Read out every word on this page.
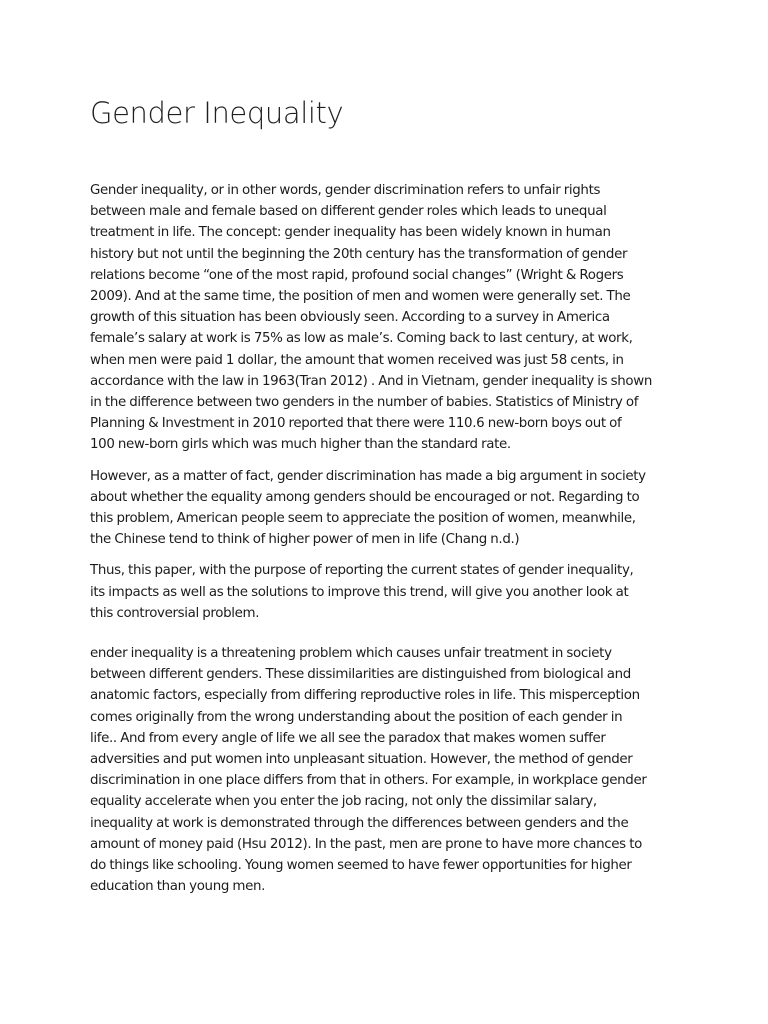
Gender Inequality

Gender inequality, or in other words, gender discrimination refers to unfair rights
between male and female based on different gender roles which leads to unequal
treatment in life. The concept: gender inequality has been widely known in human
history but not until the beginning the 20th century has the transformation of gender
relations become “one of the most rapid, profound social changes” (Wright & Rogers
2009). And at the same time, the position of men and women were generally set. The
growth of this situation has been obviously seen. According to a survey in America
female’s salary at work is 75% as low as male’s. Coming back to last century, at work,
when men were paid 1 dollar, the amount that women received was just 58 cents, in
accordance with the law in 1963(Tran 2012) . And in Vietnam, gender inequality is shown
in the difference between two genders in the number of babies. Statistics of Ministry of
Planning & Investment in 2010 reported that there were 110.6 new-born boys out of
100 new-born girls which was much higher than the standard rate.

However, as a matter of fact, gender discrimination has made a big argument in society
about whether the equality among genders should be encouraged or not. Regarding to
this problem, American people seem to appreciate the position of women, meanwhile,
the Chinese tend to think of higher power of men in life (Chang n.d.)

Thus, this paper, with the purpose of reporting the current states of gender inequality,
its impacts as well as the solutions to improve this trend, will give you another look at
this controversial problem.

ender inequality is a threatening problem which causes unfair treatment in society
between different genders. These dissimilarities are distinguished from biological and
anatomic factors, especially from differing reproductive roles in life. This misperception
comes originally from the wrong understanding about the position of each gender in
life.. And from every angle of life we all see the paradox that makes women suffer
adversities and put women into unpleasant situation. However, the method of gender
discrimination in one place differs from that in others. For example, in workplace gender
equality accelerate when you enter the job racing, not only the dissimilar salary,
inequality at work is demonstrated through the differences between genders and the
amount of money paid (Hsu 2012). In the past, men are prone to have more chances to
do things like schooling. Young women seemed to have fewer opportunities for higher
education than young men.
